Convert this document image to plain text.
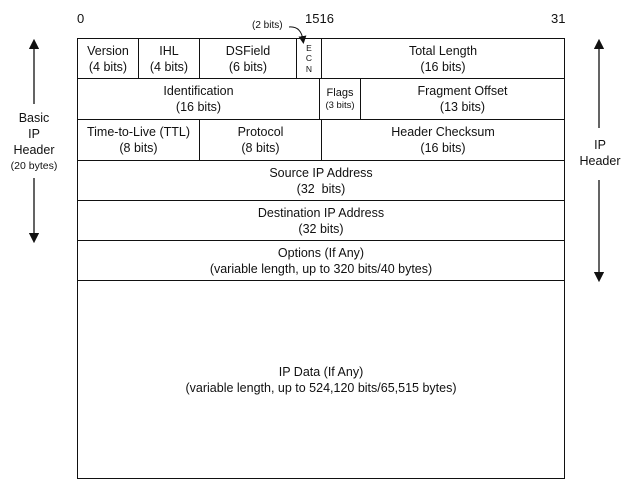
0	1516	31
(2 bits)
Basic
IP
Header
(20 bytes)
IP
Header
Version
(4 bits)
IHL
(4 bits)
DSField
(6 bits)
E
C
N
Total Length
(16 bits)
Identification
(16 bits)
Flags
(3 bits)
Fragment Offset
(13 bits)
Time-to-Live (TTL)
(8 bits)
Protocol
(8 bits)
Header Checksum
(16 bits)
Source IP Address
(32  bits)
Destination IP Address
(32 bits)
Options (If Any)
(variable length, up to 320 bits/40 bytes)
IP Data (If Any)
(variable length, up to 524,120 bits/65,515 bytes)
